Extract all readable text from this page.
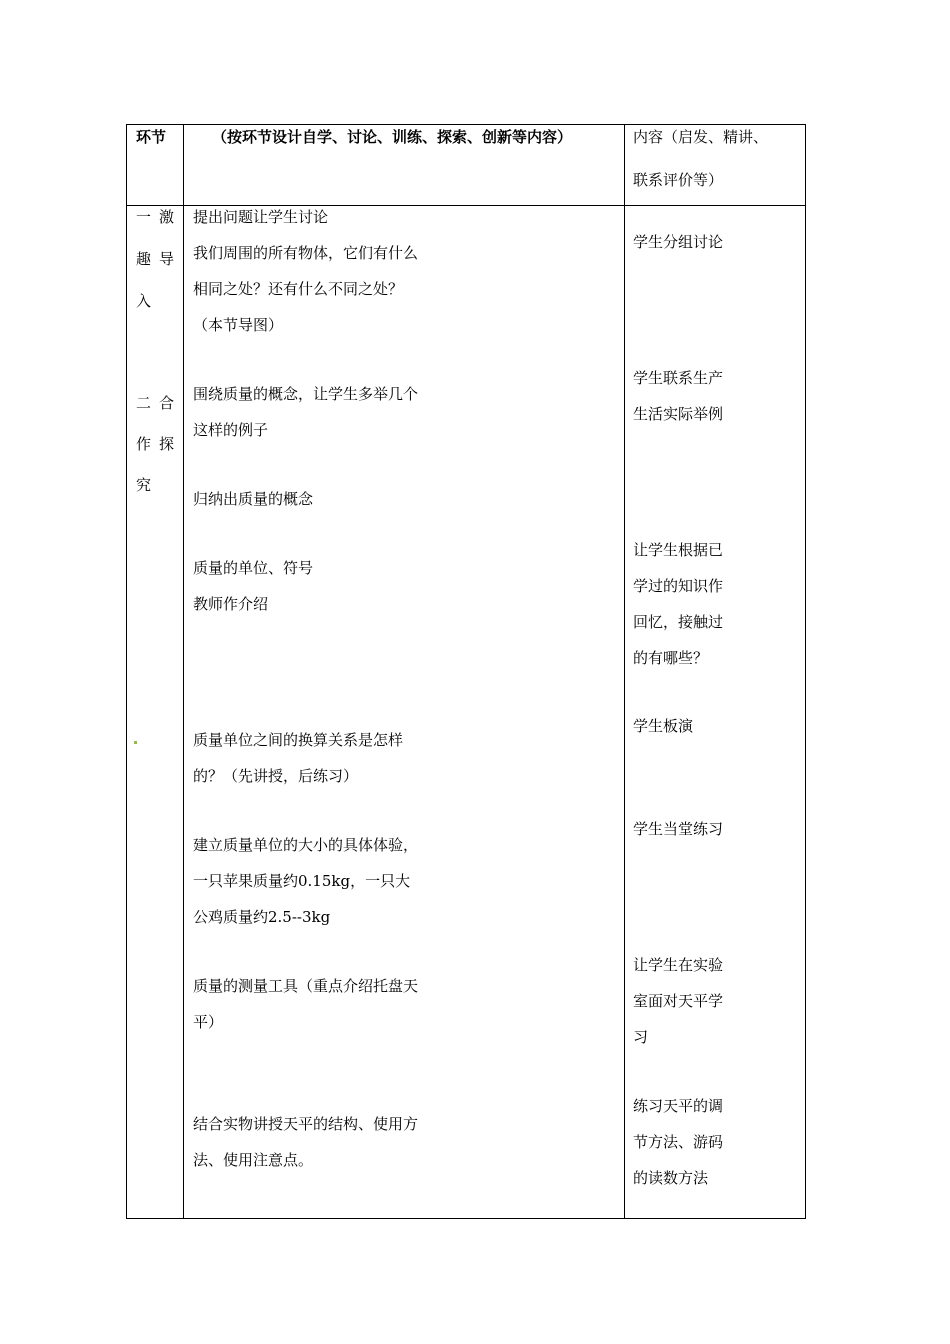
环节	（按环节设计自学、讨论、训练、探索、创新等内容）	内容（启发、精讲、
联系评价等）
一激
趣导
入
二合
作探
究
提出问题让学生讨论
我们周围的所有物体，它们有什么
相同之处？还有什么不同之处？
（本节导图）
围绕质量的概念，让学生多举几个
这样的例子
归纳出质量的概念
质量的单位、符号
教师作介绍
质量单位之间的换算关系是怎样
的？（先讲授，后练习）
建立质量单位的大小的具体体验，
一只苹果质量约0.15kg，一只大
公鸡质量约2.5--3kg
质量的测量工具（重点介绍托盘天
平）
结合实物讲授天平的结构、使用方
法、使用注意点。
学生分组讨论
学生联系生产
生活实际举例
让学生根据已
学过的知识作
回忆，接触过
的有哪些？
学生板演
学生当堂练习
让学生在实验
室面对天平学
习
练习天平的调
节方法、游码
的读数方法
